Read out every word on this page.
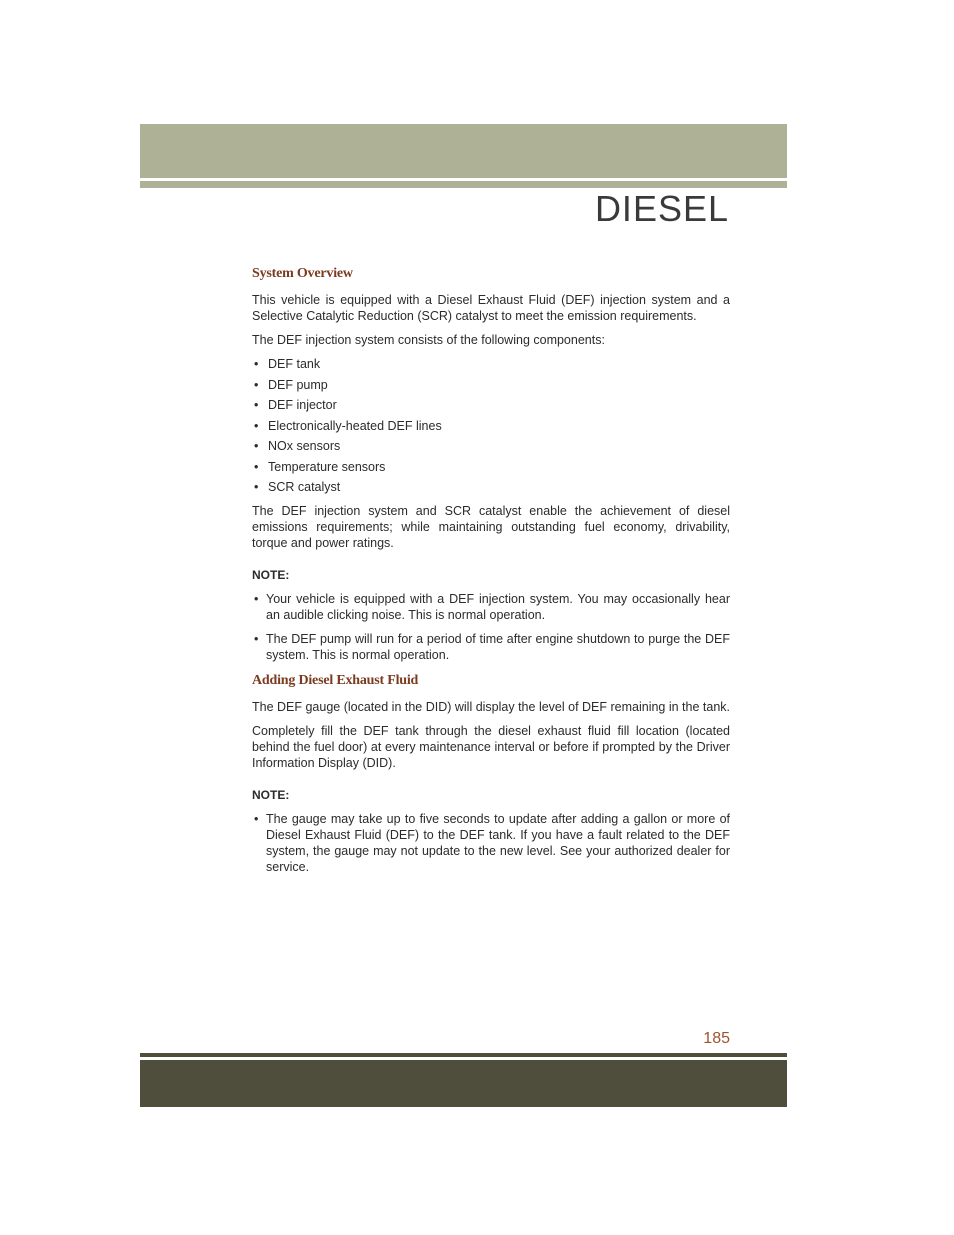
DIESEL
System Overview

This vehicle is equipped with a Diesel Exhaust Fluid (DEF) injection system and a Selective Catalytic Reduction (SCR) catalyst to meet the emission requirements.

The DEF injection system consists of the following components:

• DEF tank
• DEF pump
• DEF injector
• Electronically-heated DEF lines
• NOx sensors
• Temperature sensors
• SCR catalyst

The DEF injection system and SCR catalyst enable the achievement of diesel emissions requirements; while maintaining outstanding fuel economy, drivability, torque and power ratings.

NOTE:
• Your vehicle is equipped with a DEF injection system. You may occasionally hear an audible clicking noise. This is normal operation.
• The DEF pump will run for a period of time after engine shutdown to purge the DEF system. This is normal operation.
Adding Diesel Exhaust Fluid

The DEF gauge (located in the DID) will display the level of DEF remaining in the tank.

Completely fill the DEF tank through the diesel exhaust fluid fill location (located behind the fuel door) at every maintenance interval or before if prompted by the Driver Information Display (DID).

NOTE:
• The gauge may take up to five seconds to update after adding a gallon or more of Diesel Exhaust Fluid (DEF) to the DEF tank. If you have a fault related to the DEF system, the gauge may not update to the new level. See your authorized dealer for service.
185
